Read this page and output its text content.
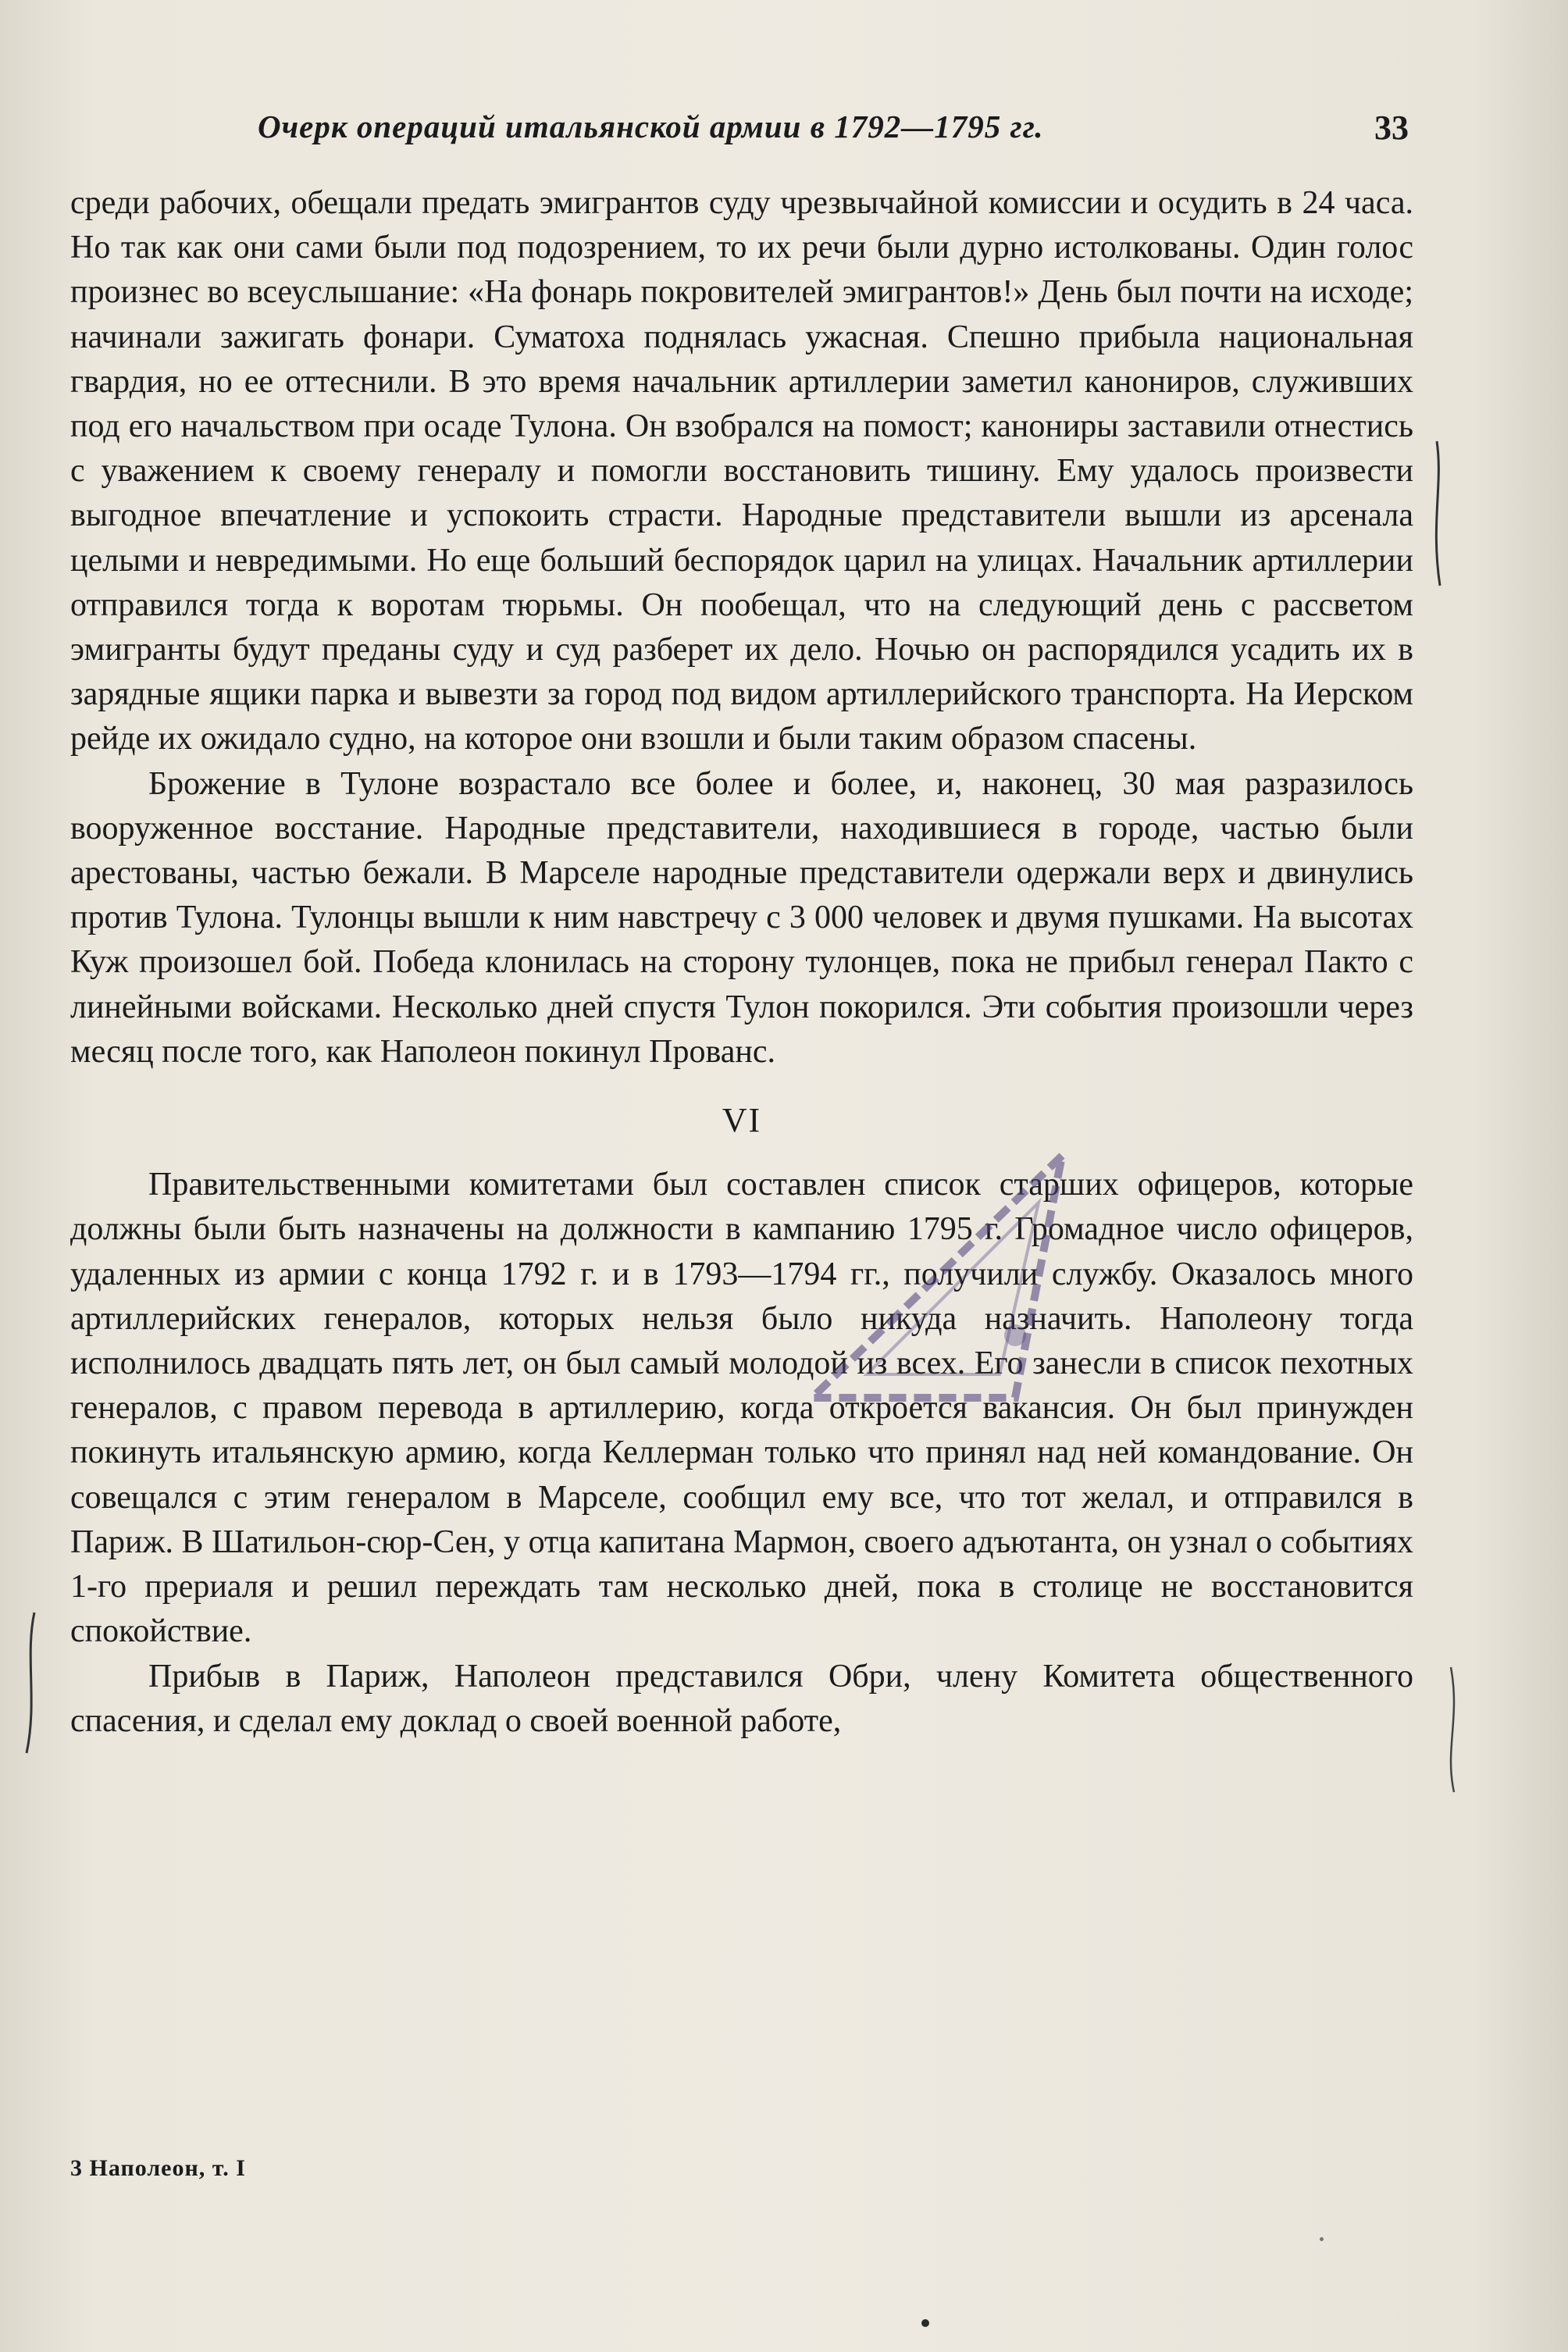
Очерк операций итальянской армии в 1792—1795 гг.	33

среди рабочих, обещали предать эмигрантов суду чрезвычайной комиссии и осудить в 24 часа. Но так как они сами были под подозрением, то их речи были дурно истолкованы. Один голос произнес во всеуслышание: «На фонарь покровителей эмигрантов!» День был почти на исходе; начинали зажигать фонари. Суматоха поднялась ужасная. Спешно прибыла национальная гвардия, но ее оттеснили. В это время начальник артиллерии заметил канониров, служивших под его начальством при осаде Тулона. Он взобрался на помост; канониры заставили отнестись с уважением к своему генералу и помогли восстановить тишину. Ему удалось произвести выгодное впечатление и успокоить страсти. Народные представители вышли из арсенала целыми и невредимыми. Но еще больший беспорядок царил на улицах. Начальник артиллерии отправился тогда к воротам тюрьмы. Он пообещал, что на следующий день с рассветом эмигранты будут преданы суду и суд разберет их дело. Ночью он распорядился усадить их в зарядные ящики парка и вывезти за город под видом артиллерийского транспорта. На Иерском рейде их ожидало судно, на которое они взошли и были таким образом спасены.

Брожение в Тулоне возрастало все более и более, и, наконец, 30 мая разразилось вооруженное восстание. Народные представители, находившиеся в городе, частью были арестованы, частью бежали. В Марселе народные представители одержали верх и двинулись против Тулона. Тулонцы вышли к ним навстречу с 3 000 человек и двумя пушками. На высотах Куж произошел бой. Победа клонилась на сторону тулонцев, пока не прибыл генерал Пакто с линейными войсками. Несколько дней спустя Тулон покорился. Эти события произошли через месяц после того, как Наполеон покинул Прованс.

VI

Правительственными комитетами был составлен список старших офицеров, которые должны были быть назначены на должности в кампанию 1795 г. Громадное число офицеров, удаленных из армии с конца 1792 г. и в 1793—1794 гг., получили службу. Оказалось много артиллерийских генералов, которых нельзя было никуда назначить. Наполеону тогда исполнилось двадцать пять лет, он был самый молодой из всех. Его занесли в список пехотных генералов, с правом перевода в артиллерию, когда откроется вакансия. Он был принужден покинуть итальянскую армию, когда Келлерман только что принял над ней командование. Он совещался с этим генералом в Марселе, сообщил ему все, что тот желал, и отправился в Париж. В Шатильон-сюр-Сен, у отца капитана Мармон, своего адъютанта, он узнал о событиях 1-го прериаля и решил переждать там несколько дней, пока в столице не восстановится спокойствие.

Прибыв в Париж, Наполеон представился Обри, члену Комитета общественного спасения, и сделал ему доклад о своей военной работе,

3 Наполеон, т. I
